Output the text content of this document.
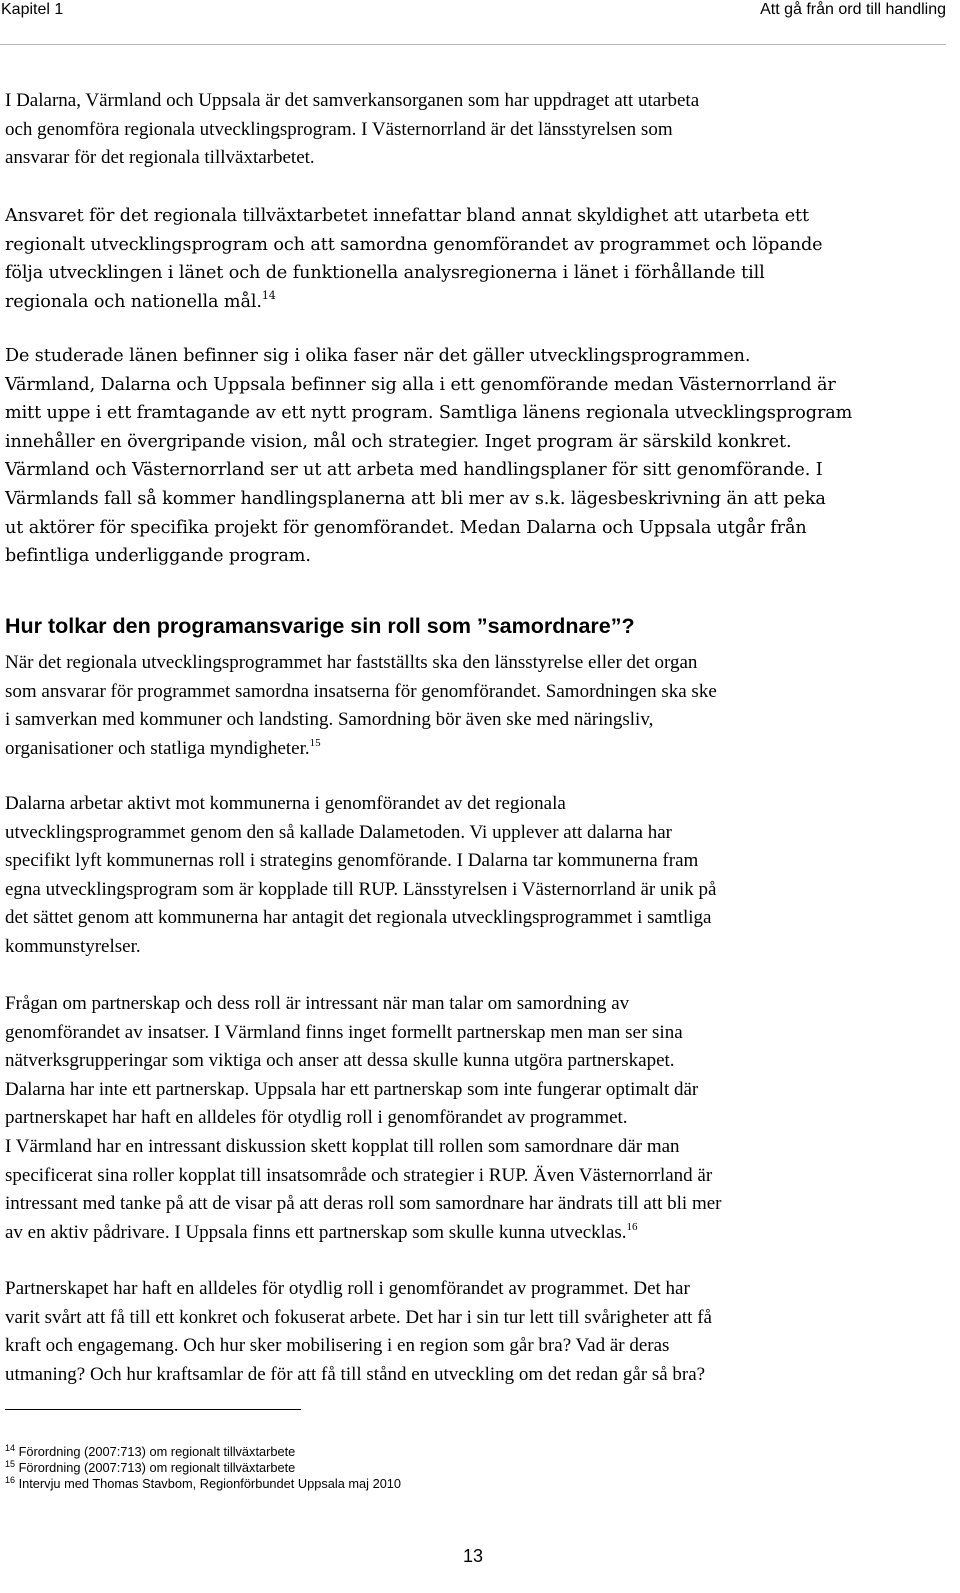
Kapitel 1	Att gå från ord till handling

I Dalarna, Värmland och Uppsala är det samverkansorganen som har uppdraget att utarbeta
och genomföra regionala utvecklingsprogram. I Västernorrland är det länsstyrelsen som
ansvarar för det regionala tillväxtarbetet.

Ansvaret för det regionala tillväxtarbetet innefattar bland annat skyldighet att utarbeta ett
regionalt utvecklingsprogram och att samordna genomförandet av programmet och löpande
följa utvecklingen i länet och de funktionella analysregionerna i länet i förhållande till
regionala och nationella mål.$^{14}$

De studerade länen befinner sig i olika faser när det gäller utvecklingsprogrammen.
Värmland, Dalarna och Uppsala befinner sig alla i ett genomförande medan Västernorrland är
mitt uppe i ett framtagande av ett nytt program. Samtliga länens regionala utvecklingsprogram
innehåller en övergripande vision, mål och strategier. Inget program är särskild konkret.
Värmland och Västernorrland ser ut att arbeta med handlingsplaner för sitt genomförande. I
Värmlands fall så kommer handlingsplanerna att bli mer av s.k. lägesbeskrivning än att peka
ut aktörer för specifika projekt för genomförandet. Medan Dalarna och Uppsala utgår från
befintliga underliggande program.

Hur tolkar den programansvarige sin roll som ”samordnare”?

När det regionala utvecklingsprogrammet har fastställts ska den länsstyrelse eller det organ
som ansvarar för programmet samordna insatserna för genomförandet. Samordningen ska ske
i samverkan med kommuner och landsting. Samordning bör även ske med näringsliv,
organisationer och statliga myndigheter.$^{15}$

Dalarna arbetar aktivt mot kommunerna i genomförandet av det regionala
utvecklingsprogrammet genom den så kallade Dalametoden. Vi upplever att dalarna har
specifikt lyft kommunernas roll i strategins genomförande. I Dalarna tar kommunerna fram
egna utvecklingsprogram som är kopplade till RUP. Länsstyrelsen i Västernorrland är unik på
det sättet genom att kommunerna har antagit det regionala utvecklingsprogrammet i samtliga
kommunstyrelser.

Frågan om partnerskap och dess roll är intressant när man talar om samordning av
genomförandet av insatser. I Värmland finns inget formellt partnerskap men man ser sina
nätverksgrupperingar som viktiga och anser att dessa skulle kunna utgöra partnerskapet.
Dalarna har inte ett partnerskap. Uppsala har ett partnerskap som inte fungerar optimalt där
partnerskapet har haft en alldeles för otydlig roll i genomförandet av programmet.
I Värmland har en intressant diskussion skett kopplat till rollen som samordnare där man
specificerat sina roller kopplat till insatsområde och strategier i RUP. Även Västernorrland är
intressant med tanke på att de visar på att deras roll som samordnare har ändrats till att bli mer
av en aktiv pådrivare. I Uppsala finns ett partnerskap som skulle kunna utvecklas.$^{16}$

Partnerskapet har haft en alldeles för otydlig roll i genomförandet av programmet. Det har
varit svårt att få till ett konkret och fokuserat arbete. Det har i sin tur lett till svårigheter att få
kraft och engagemang. Och hur sker mobilisering i en region som går bra? Vad är deras
utmaning? Och hur kraftsamlar de för att få till stånd en utveckling om det redan går så bra?

$^{14}$ Förordning (2007:713) om regionalt tillväxtarbete
$^{15}$ Förordning (2007:713) om regionalt tillväxtarbete
$^{16}$ Intervju med Thomas Stavbom, Regionförbundet Uppsala maj 2010
13
